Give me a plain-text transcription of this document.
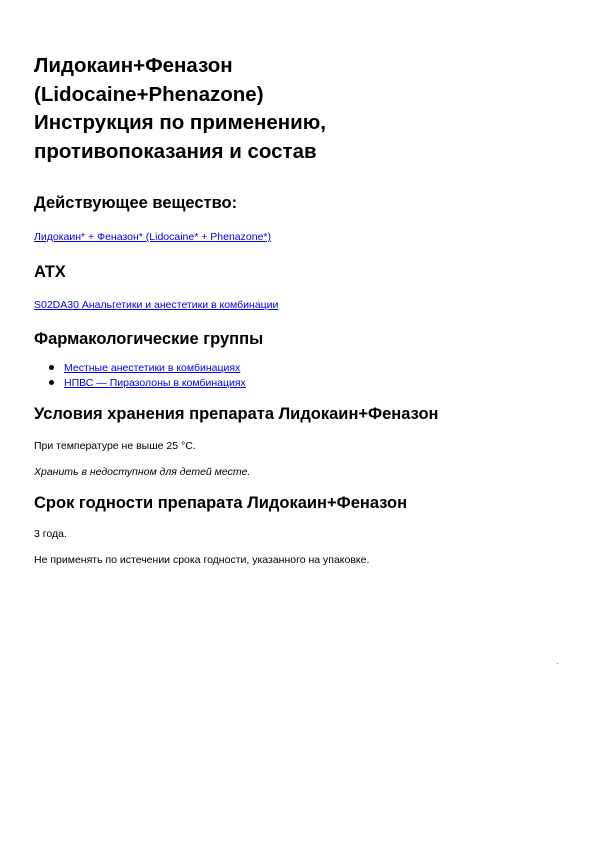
Лидокаин+Феназон
(Lidocaine+Phenazone)
Инструкция по применению,
противопоказания и состав
Действующее вещество:
Лидокаин* + Феназон* (Lidocaine* + Phenazone*)
ATX
S02DA30 Анальгетики и анестетики в комбинации
Фармакологические группы
Местные анестетики в комбинациях
НПВС — Пиразолоны в комбинациях
Условия хранения препарата Лидокаин+Феназон

При температуре не выше 25 °C.

Хранить в недоступном для детей месте.

Срок годности препарата Лидокаин+Феназон

3 года.

Не применять по истечении срока годности, указанного на упаковке.
